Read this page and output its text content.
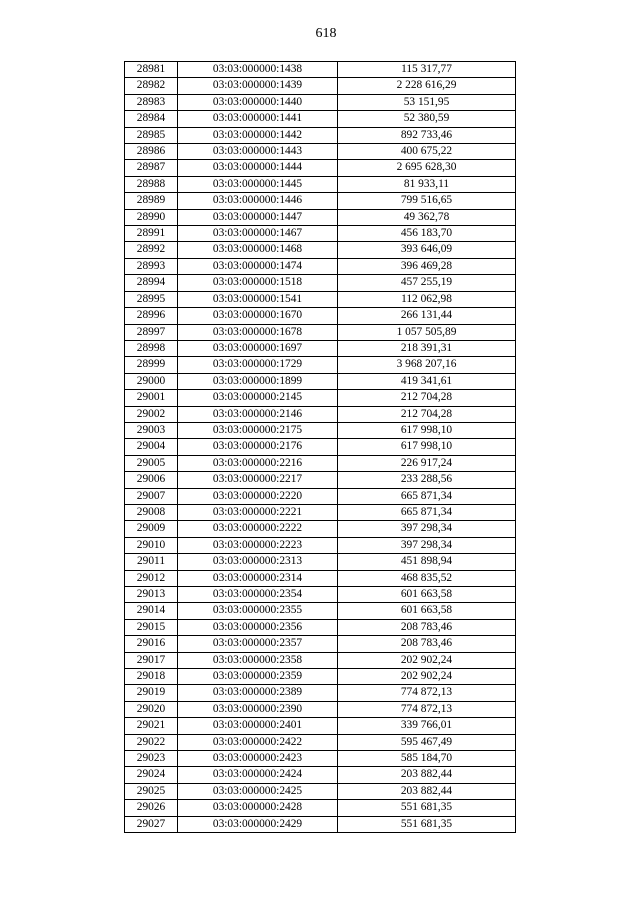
618
28981	03:03:000000:1438	115 317,77
28982	03:03:000000:1439	2 228 616,29
28983	03:03:000000:1440	53 151,95
28984	03:03:000000:1441	52 380,59
28985	03:03:000000:1442	892 733,46
28986	03:03:000000:1443	400 675,22
28987	03:03:000000:1444	2 695 628,30
28988	03:03:000000:1445	81 933,11
28989	03:03:000000:1446	799 516,65
28990	03:03:000000:1447	49 362,78
28991	03:03:000000:1467	456 183,70
28992	03:03:000000:1468	393 646,09
28993	03:03:000000:1474	396 469,28
28994	03:03:000000:1518	457 255,19
28995	03:03:000000:1541	112 062,98
28996	03:03:000000:1670	266 131,44
28997	03:03:000000:1678	1 057 505,89
28998	03:03:000000:1697	218 391,31
28999	03:03:000000:1729	3 968 207,16
29000	03:03:000000:1899	419 341,61
29001	03:03:000000:2145	212 704,28
29002	03:03:000000:2146	212 704,28
29003	03:03:000000:2175	617 998,10
29004	03:03:000000:2176	617 998,10
29005	03:03:000000:2216	226 917,24
29006	03:03:000000:2217	233 288,56
29007	03:03:000000:2220	665 871,34
29008	03:03:000000:2221	665 871,34
29009	03:03:000000:2222	397 298,34
29010	03:03:000000:2223	397 298,34
29011	03:03:000000:2313	451 898,94
29012	03:03:000000:2314	468 835,52
29013	03:03:000000:2354	601 663,58
29014	03:03:000000:2355	601 663,58
29015	03:03:000000:2356	208 783,46
29016	03:03:000000:2357	208 783,46
29017	03:03:000000:2358	202 902,24
29018	03:03:000000:2359	202 902,24
29019	03:03:000000:2389	774 872,13
29020	03:03:000000:2390	774 872,13
29021	03:03:000000:2401	339 766,01
29022	03:03:000000:2422	595 467,49
29023	03:03:000000:2423	585 184,70
29024	03:03:000000:2424	203 882,44
29025	03:03:000000:2425	203 882,44
29026	03:03:000000:2428	551 681,35
29027	03:03:000000:2429	551 681,35
